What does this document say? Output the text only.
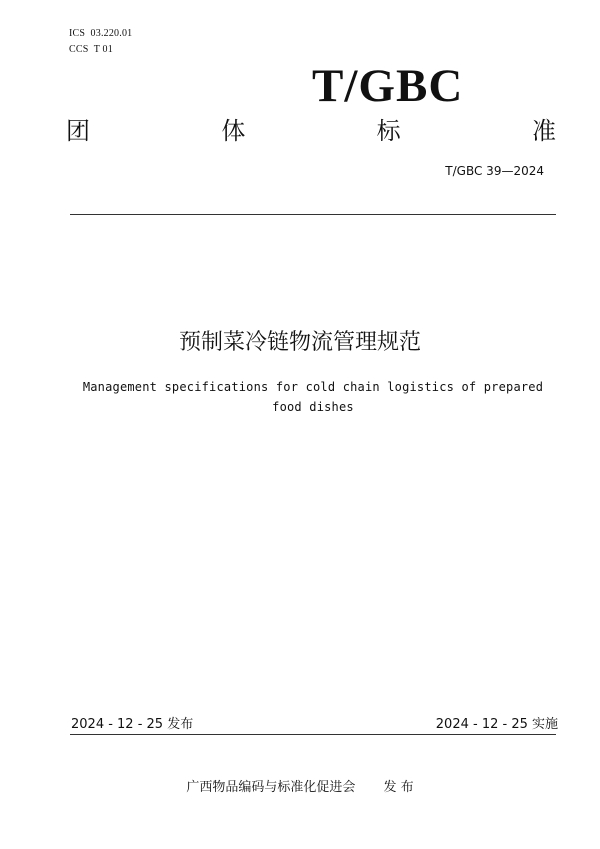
ICS  03.220.01
CCS  T 01
T/GBC
团	体	标	准
T/GBC 39—2024
预制菜冷链物流管理规范
Management specifications for cold chain logistics of prepared food dishes
2024 - 12 - 25 发布	2024 - 12 - 25 实施
广西物品编码与标准化促进会 发 布
